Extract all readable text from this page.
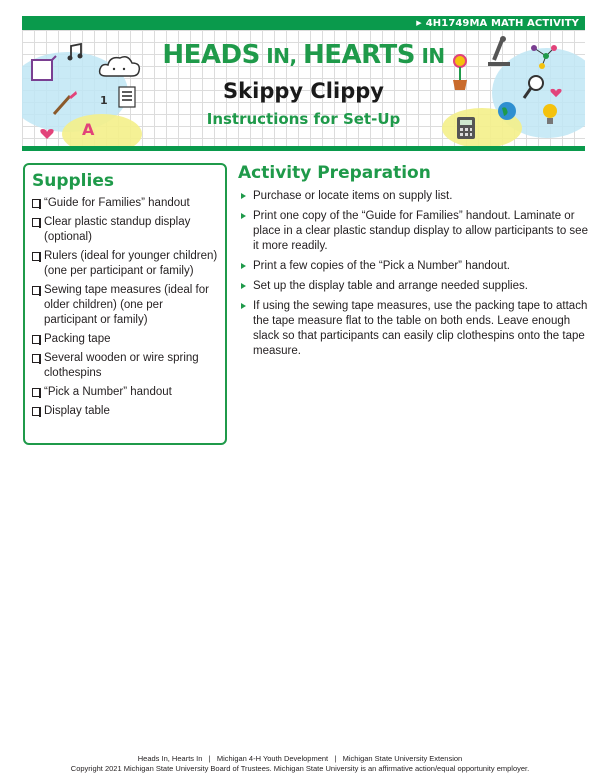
▶ 4H1749MA MATH ACTIVITY
1
A
HEADS IN, HEARTS IN
Skippy Clippy
Instructions for Set-Up
Supplies
“Guide for Families” handout
Clear plastic standup display (optional)
Rulers (ideal for younger children) (one per participant or family)
Sewing tape measures (ideal for older children) (one per participant or family)
Packing tape
Several wooden or wire spring clothespins
“Pick a Number” handout
Display table
Activity Preparation
Purchase or locate items on supply list.
Print one copy of the “Guide for Families” handout. Laminate or place in a clear plastic standup display to allow participants to see it more readily.
Print a few copies of the “Pick a Number” handout.
Set up the display table and arrange needed supplies.
If using the sewing tape measures, use the packing tape to attach the tape measure flat to the table on both ends. Leave enough slack so that participants can easily clip clothespins onto the tape measure.
Heads In, Hearts In   |   Michigan 4-H Youth Development   |   Michigan State University Extension
Copyright 2021 Michigan State University Board of Trustees. Michigan State University is an affirmative action/equal opportunity employer.
